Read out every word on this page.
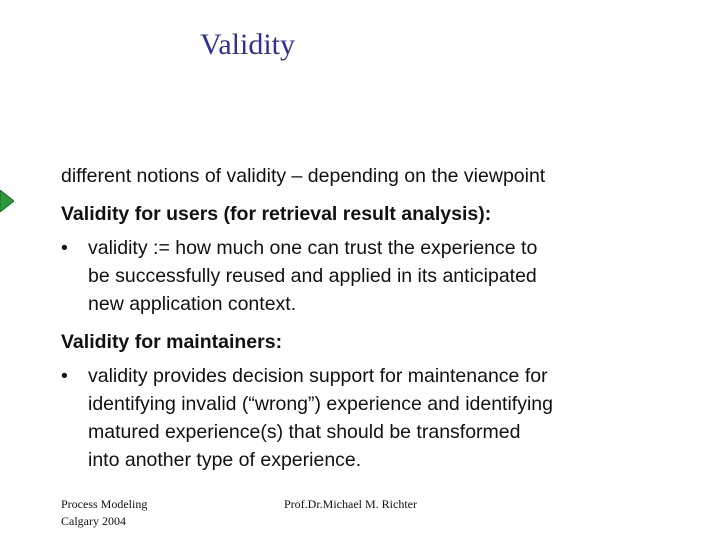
Validity

different notions of validity – depending on the viewpoint

Validity for users (for retrieval result analysis):

• validity := how much one can trust the experience to
be successfully reused and applied in its anticipated
new application context.

Validity for maintainers:

• validity provides decision support for maintenance for
identifying invalid (“wrong”) experience and identifying
matured experience(s) that should be transformed
into another type of experience.
Process Modeling
Calgary 2004
Prof.Dr.Michael M. Richter
